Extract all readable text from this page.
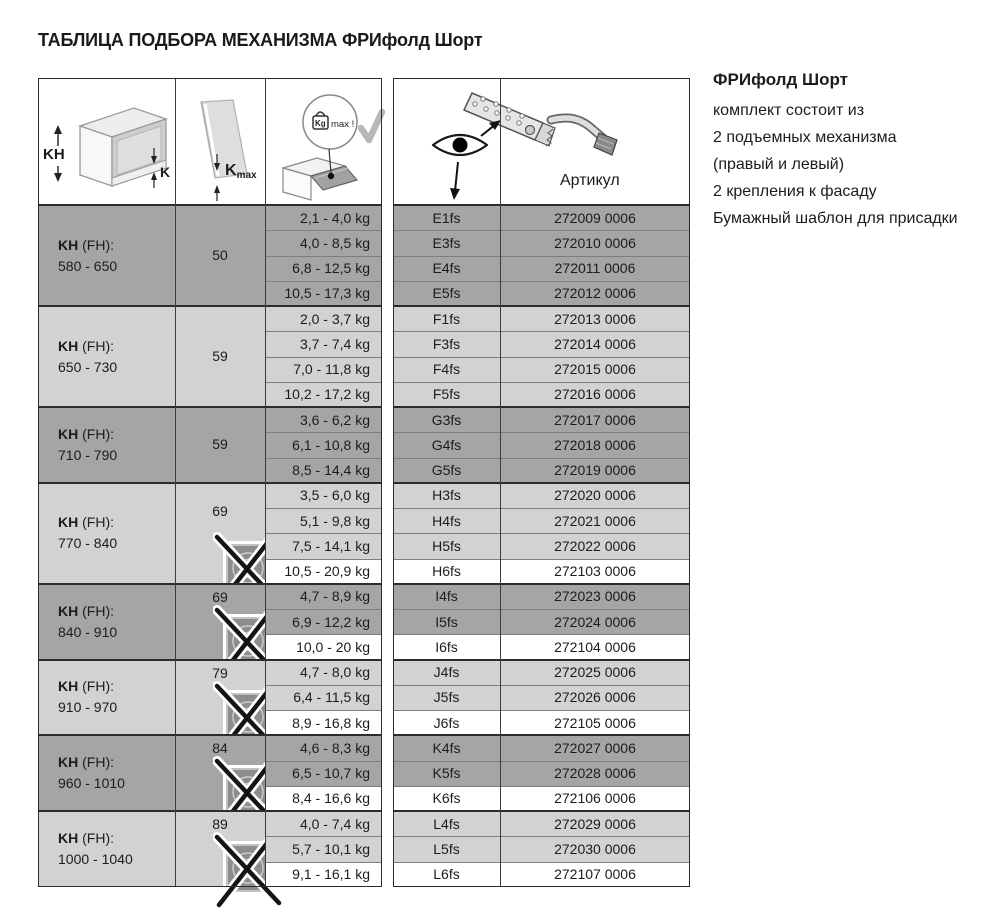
ТАБЛИЦА ПОДБОРА МЕХАНИЗМА ФРИфолд Шорт
KH
K	$K_{max}$
Kg max !
Артикул
KH (FH):
580 - 650
50
2,1 - 4,0 kg	E1fs	272009 0006
4,0 - 8,5 kg	E3fs	272010 0006
6,8 - 12,5 kg	E4fs	272011 0006
10,5 - 17,3 kg	E5fs	272012 0006
KH (FH):
650 - 730
59
2,0 - 3,7 kg	F1fs	272013 0006
3,7 - 7,4 kg	F3fs	272014 0006
7,0 - 11,8 kg	F4fs	272015 0006
10,2 - 17,2 kg	F5fs	272016 0006
KH (FH):
710 - 790
59
3,6 - 6,2 kg	G3fs	272017 0006
6,1 - 10,8 kg	G4fs	272018 0006
8,5 - 14,4 kg	G5fs	272019 0006
KH (FH):
770 - 840
69
3,5 - 6,0 kg	H3fs	272020 0006
5,1 - 9,8 kg	H4fs	272021 0006
7,5 - 14,1 kg	H5fs	272022 0006
10,5 - 20,9 kg	H6fs	272103 0006
KH (FH):
840 - 910
69	4,7 - 8,9 kg	I4fs	272023 0006
6,9 - 12,2 kg	I5fs	272024 0006
10,0 - 20 kg	I6fs	272104 0006
KH (FH):
910 - 970
79	4,7 - 8,0 kg	J4fs	272025 0006
6,4 - 11,5 kg	J5fs	272026 0006
8,9 - 16,8 kg	J6fs	272105 0006
KH (FH):
960 - 1010
84	4,6 - 8,3 kg	K4fs	272027 0006
6,5 - 10,7 kg	K5fs	272028 0006
8,4 - 16,6 kg	K6fs	272106 0006
KH (FH):
1000 - 1040
89	4,0 - 7,4 kg	L4fs	272029 0006
5,7 - 10,1 kg	L5fs	272030 0006
9,1 - 16,1 kg	L6fs	272107 0006
ФРИфолд Шорт
комплект состоит из
2 подъемных механизма
(правый и левый)
2 крепления к фасаду
Бумажный шаблон для присадки
